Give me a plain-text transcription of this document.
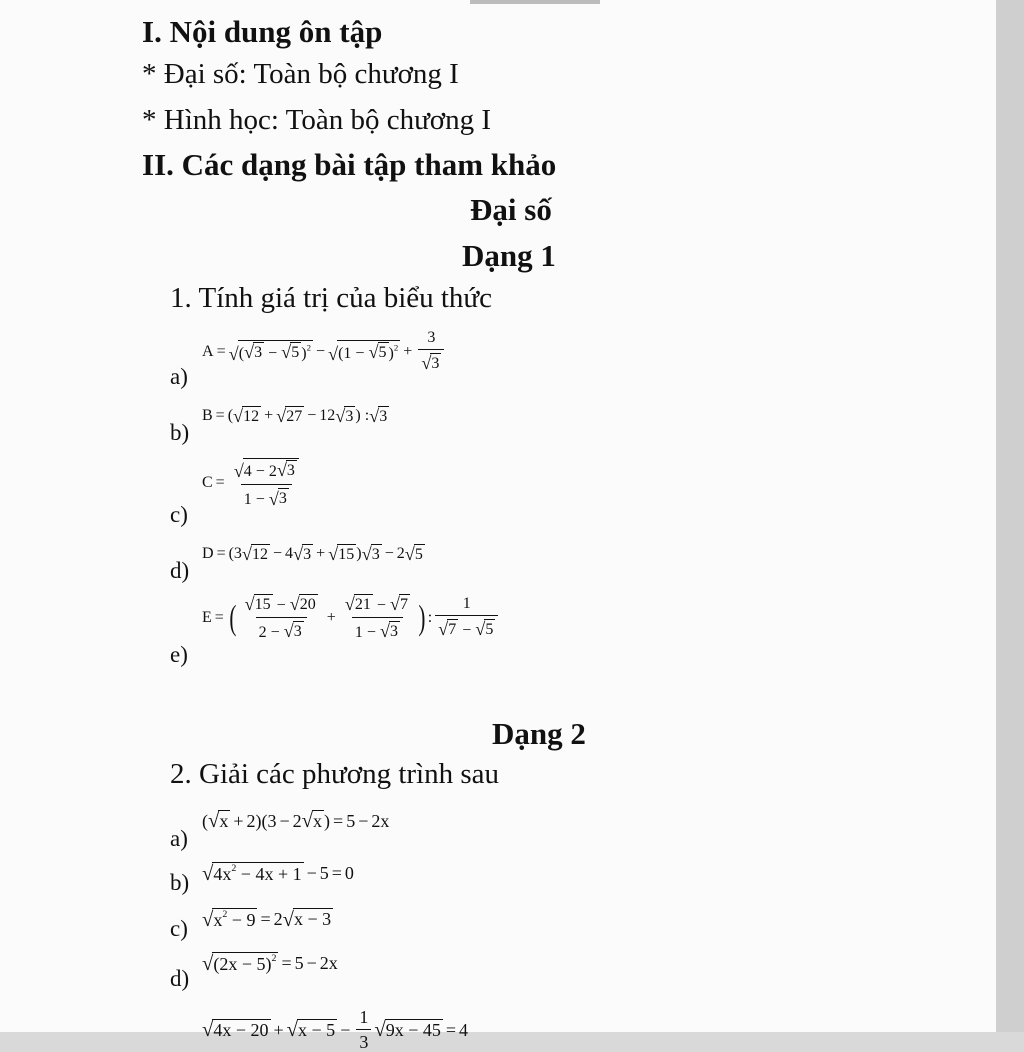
I. Nội dung ôn tập
* Đại số: Toàn bộ chương I
* Hình học: Toàn bộ chương I
II. Các dạng bài tập tham khảo
Đại số
Dạng 1
1. Tính giá trị của biểu thức
a)
A = √ ( √ 3 − √ 5 )$^2$ − √ (1 − √ 5 )$^2 + \frac{3}{√ 3}$
b)
B = ( √ 12 + √ 27 − 12 √ 3 ) : √ 3
c)
$C = \frac{√ 4 - 2 √ 3}{1 - √ 3}$
d)
D = (3 √ 12 − 4 √ 3 + √ 15 ) √ 3 − 2 √ 5
e)
E = ( $\frac{√ 15 - √ 20}{2 - √ 3} + \frac{√ 21 - √ 7}{1 - √ 3}$ ) : $\frac{1}{√ 7 - √ 5}$
Dạng 2
2. Giải các phương trình sau
a)
( √ x + 2)(3 − 2 √ x ) = 5 − 2x
b) √ $4x^2 - 4x + 1 - 5 = 0$
c) √ $x^2 - 9 = 2$ √ x − 3
d)
√ $(2x - 5)^2 = 5 - 2x$
√ 4x − 20 + √ $x - 5 - \frac{1}{3}$ √ 9x − 45 = 4
